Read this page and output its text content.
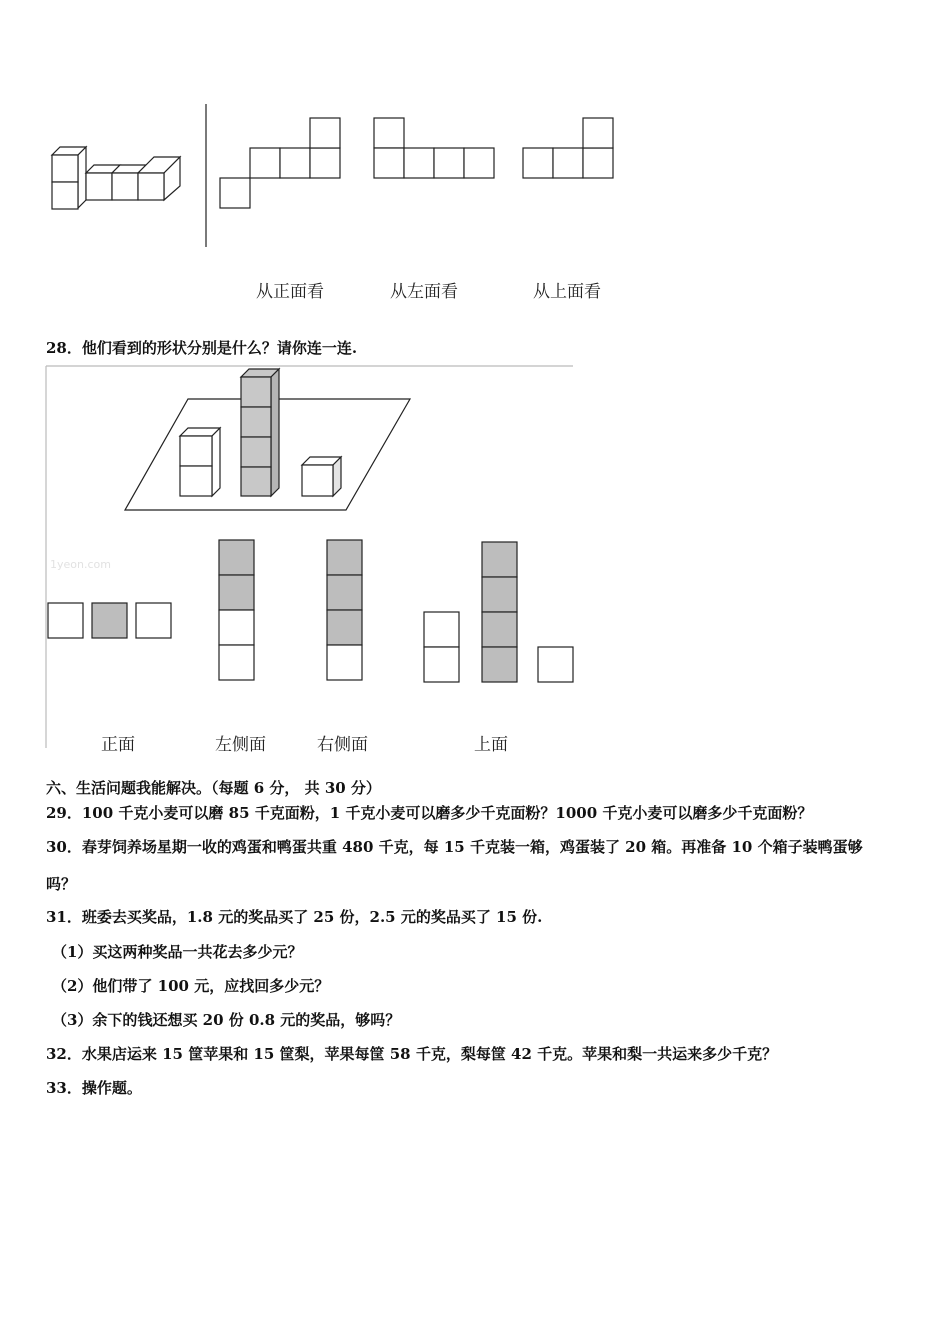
从正面看	从左面看	从上面看
28．他们看到的形状分别是什么？请你连一连.
1yeon.com
正面	左侧面	右侧面	上面
六、生活问题我能解决。（每题 6 分， 共 30 分）
29．100 千克小麦可以磨 85 千克面粉，1 千克小麦可以磨多少千克面粉？1000 千克小麦可以磨多少千克面粉？
30．春芽饲养场星期一收的鸡蛋和鸭蛋共重 480 千克，每 15 千克装一箱，鸡蛋装了 20 箱。再准备 10 个箱子装鸭蛋够
吗？
31．班委去买奖品，1.8 元的奖品买了 25 份，2.5 元的奖品买了 15 份.
（1）买这两种奖品一共花去多少元？
（2）他们带了 100 元，应找回多少元？
（3）余下的钱还想买 20 份 0.8 元的奖品，够吗？
32．水果店运来 15 筐苹果和 15 筐梨，苹果每筐 58 千克，梨每筐 42 千克。苹果和梨一共运来多少千克？
33．操作题。
